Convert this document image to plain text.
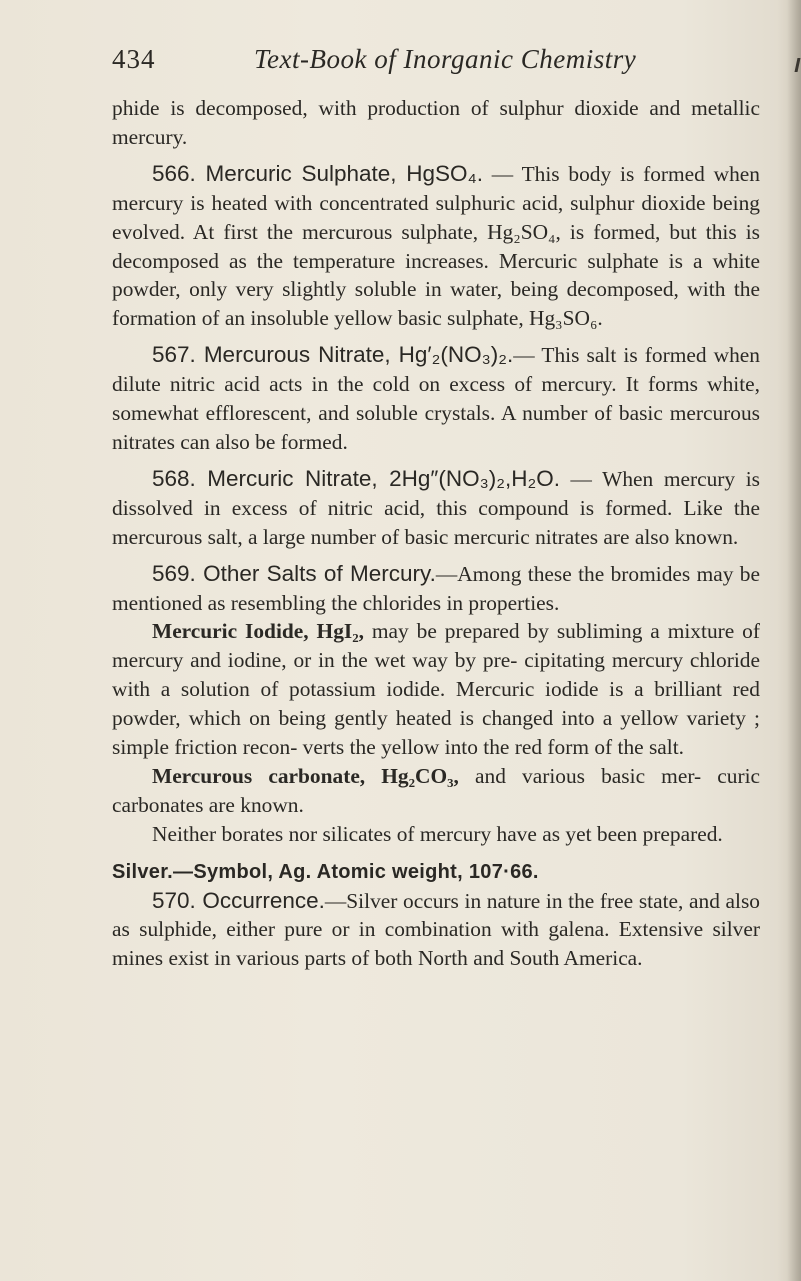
434	Text-Book of Inorganic Chemistry

phide is decomposed, with production of sulphur dioxide and metallic mercury.

566. Mercuric Sulphate, HgSO₄. — This body is formed when mercury is heated with concentrated sulphuric acid, sulphur dioxide being evolved. At first the mercurous sulphate, Hg₂SO₄, is formed, but this is decomposed as the temperature increases. Mercuric sulphate is a white powder, only very slightly soluble in water, being decomposed, with the formation of an insoluble yellow basic sulphate, Hg₃SO₆.

567. Mercurous Nitrate, Hg′₂(NO₃)₂.— This salt is formed when dilute nitric acid acts in the cold on excess of mercury. It forms white, somewhat efflorescent, and soluble crystals. A number of basic mercurous nitrates can also be formed.

568. Mercuric Nitrate, 2Hg″(NO₃)₂,H₂O. — When mercury is dissolved in excess of nitric acid, this compound is formed. Like the mercurous salt, a large number of basic mercuric nitrates are also known.

569. Other Salts of Mercury.—Among these the bromides may be mentioned as resembling the chlorides in properties.

Mercuric Iodide, HgI₂, may be prepared by subliming a mixture of mercury and iodine, or in the wet way by pre- cipitating mercury chloride with a solution of potassium iodide. Mercuric iodide is a brilliant red powder, which on being gently heated is changed into a yellow variety ; simple friction recon- verts the yellow into the red form of the salt.

Mercurous carbonate, Hg₂CO₃, and various basic mer- curic carbonates are known.

Neither borates nor silicates of mercury have as yet been prepared.

Silver.—Symbol, Ag. Atomic weight, 107·66.

570. Occurrence.—Silver occurs in nature in the free state, and also as sulphide, either pure or in combination with galena. Extensive silver mines exist in various parts of both North and South America.
